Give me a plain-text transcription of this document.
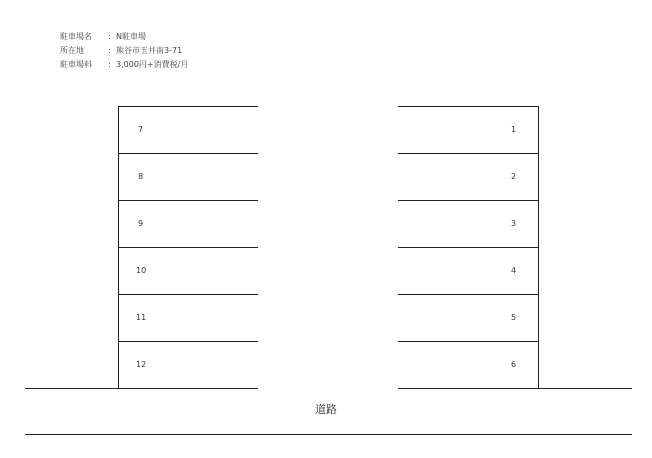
駐車場名	: N駐車場
所在地	: 熊谷市玉井南3-71
駐車場料	: 3,000円+消費税/月
7
8
9
10
11
12
1
2
3
4
5
6
道路
